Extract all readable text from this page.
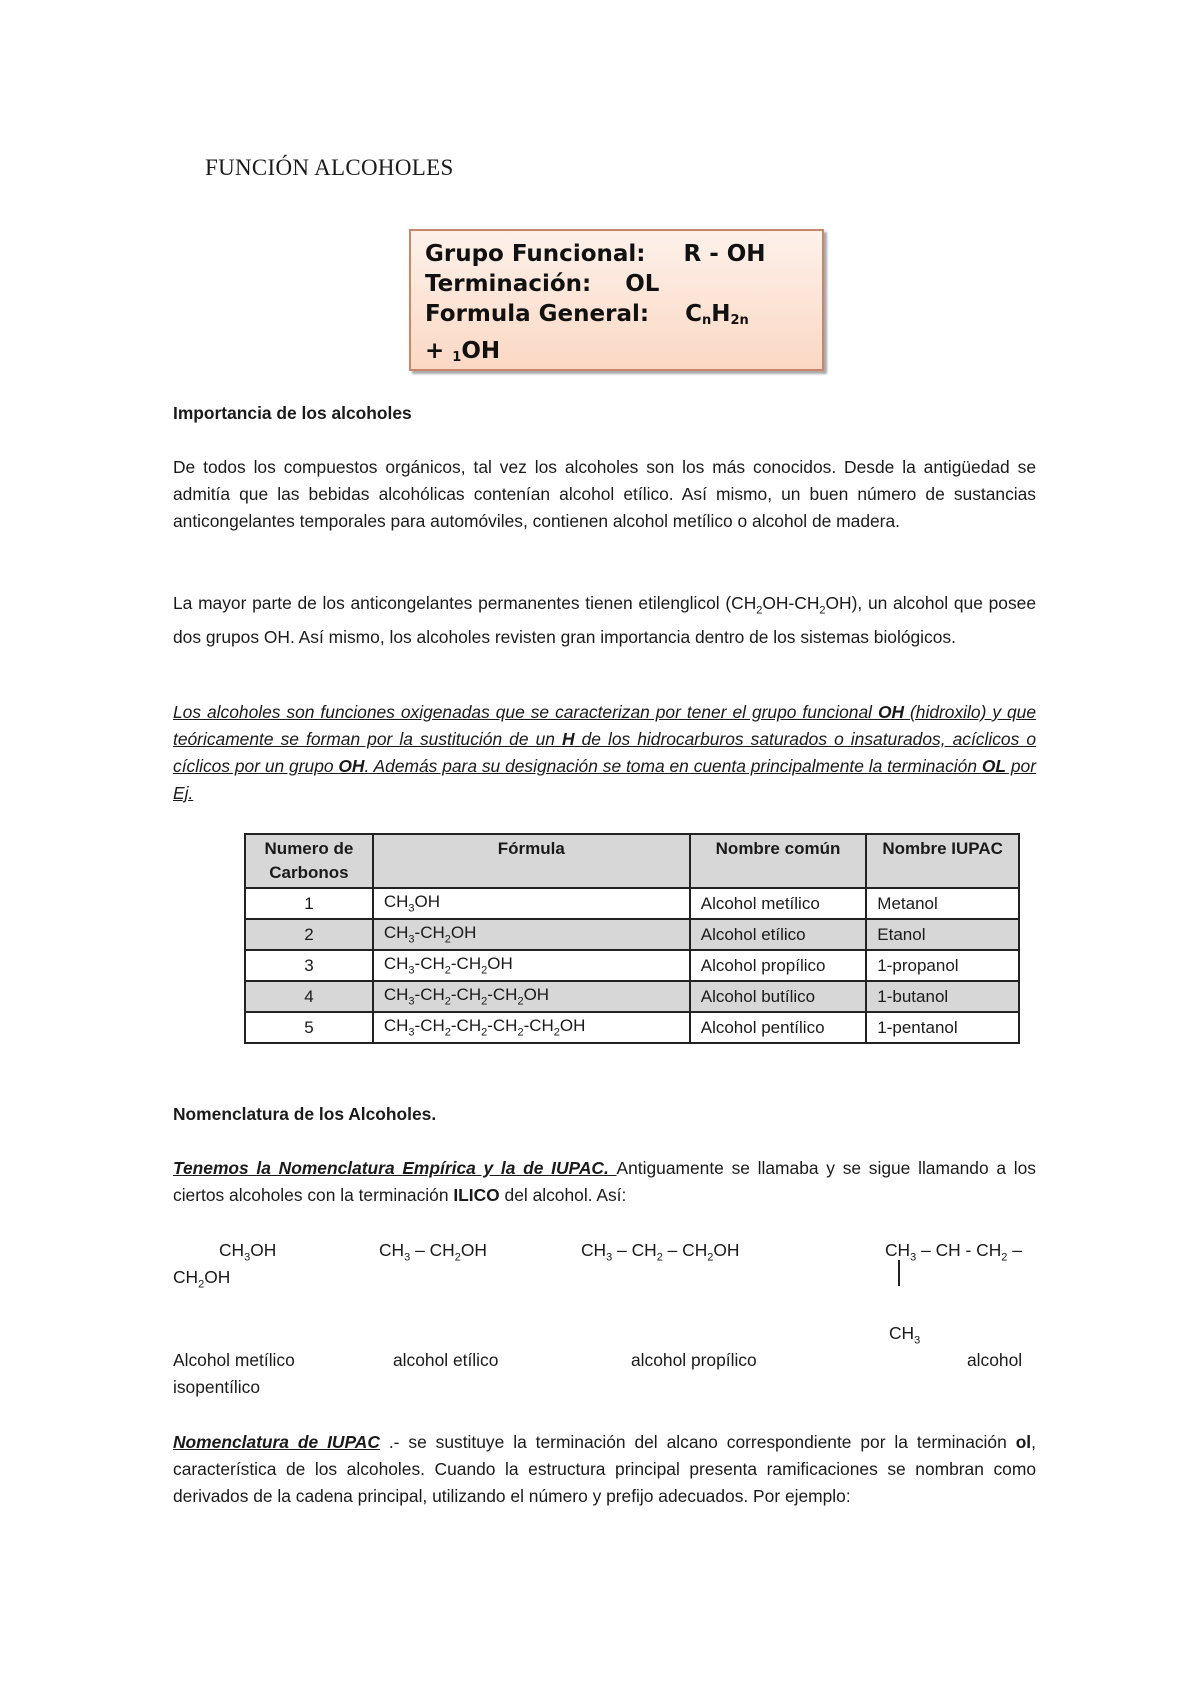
FUNCIÓN ALCOHOLES
Grupo Funcional: R - OH
Terminación: OL
Formula General: $C_nH_{2n}$
+ $_1$OH
Importancia de los alcoholes
De todos los compuestos orgánicos, tal vez los alcoholes son los más conocidos. Desde la antigüedad se admitía que las bebidas alcohólicas contenían alcohol etílico. Así mismo, un buen número de sustancias anticongelantes temporales para automóviles, contienen alcohol metílico o alcohol de madera.
La mayor parte de los anticongelantes permanentes tienen etilenglicol $(CH_2OH-CH_2OH)$, un alcohol que posee dos grupos OH. Así mismo, los alcoholes revisten gran importancia dentro de los sistemas biológicos.
Los alcoholes son funciones oxigenadas que se caracterizan por tener el grupo funcional OH (hidroxilo) y que teóricamente se forman por la sustitución de un H de los hidrocarburos saturados o insaturados, acíclicos o cíclicos por un grupo OH. Además para su designación se toma en cuenta principalmente la terminación OL por Ej.
Numero de Carbonos	Fórmula	Nombre común	Nombre IUPAC
1	$CH_3OH$	Alcohol metílico	Metanol
2	$CH_3-CH_2OH$	Alcohol etílico	Etanol
3	$CH_3-CH_2-CH_2OH$	Alcohol propílico	1-propanol
4	$CH_3-CH_2-CH_2-CH_2OH$	Alcohol butílico	1-butanol
5	$CH_3-CH_2-CH_2-CH_2-CH_2OH$	Alcohol pentílico	1-pentanol
Nomenclatura de los Alcoholes.
Tenemos la Nomenclatura Empírica y la de IUPAC. Antiguamente se llamaba y se sigue llamando a los ciertos alcoholes con la terminación ILICO del alcohol. Así:
$CH_3OH$	$CH_3 - CH_2OH$	$CH_3 - CH_2 - CH_2OH$	$CH_3$ – CH - $CH_2$ –
$CH_2OH$
$CH_3$
Alcohol metílico	alcohol etílico	alcohol propílico	alcohol
isopentílico
Nomenclatura de IUPAC .- se sustituye la terminación del alcano correspondiente por la terminación ol, característica de los alcoholes. Cuando la estructura principal presenta ramificaciones se nombran como derivados de la cadena principal, utilizando el número y prefijo adecuados. Por ejemplo:
